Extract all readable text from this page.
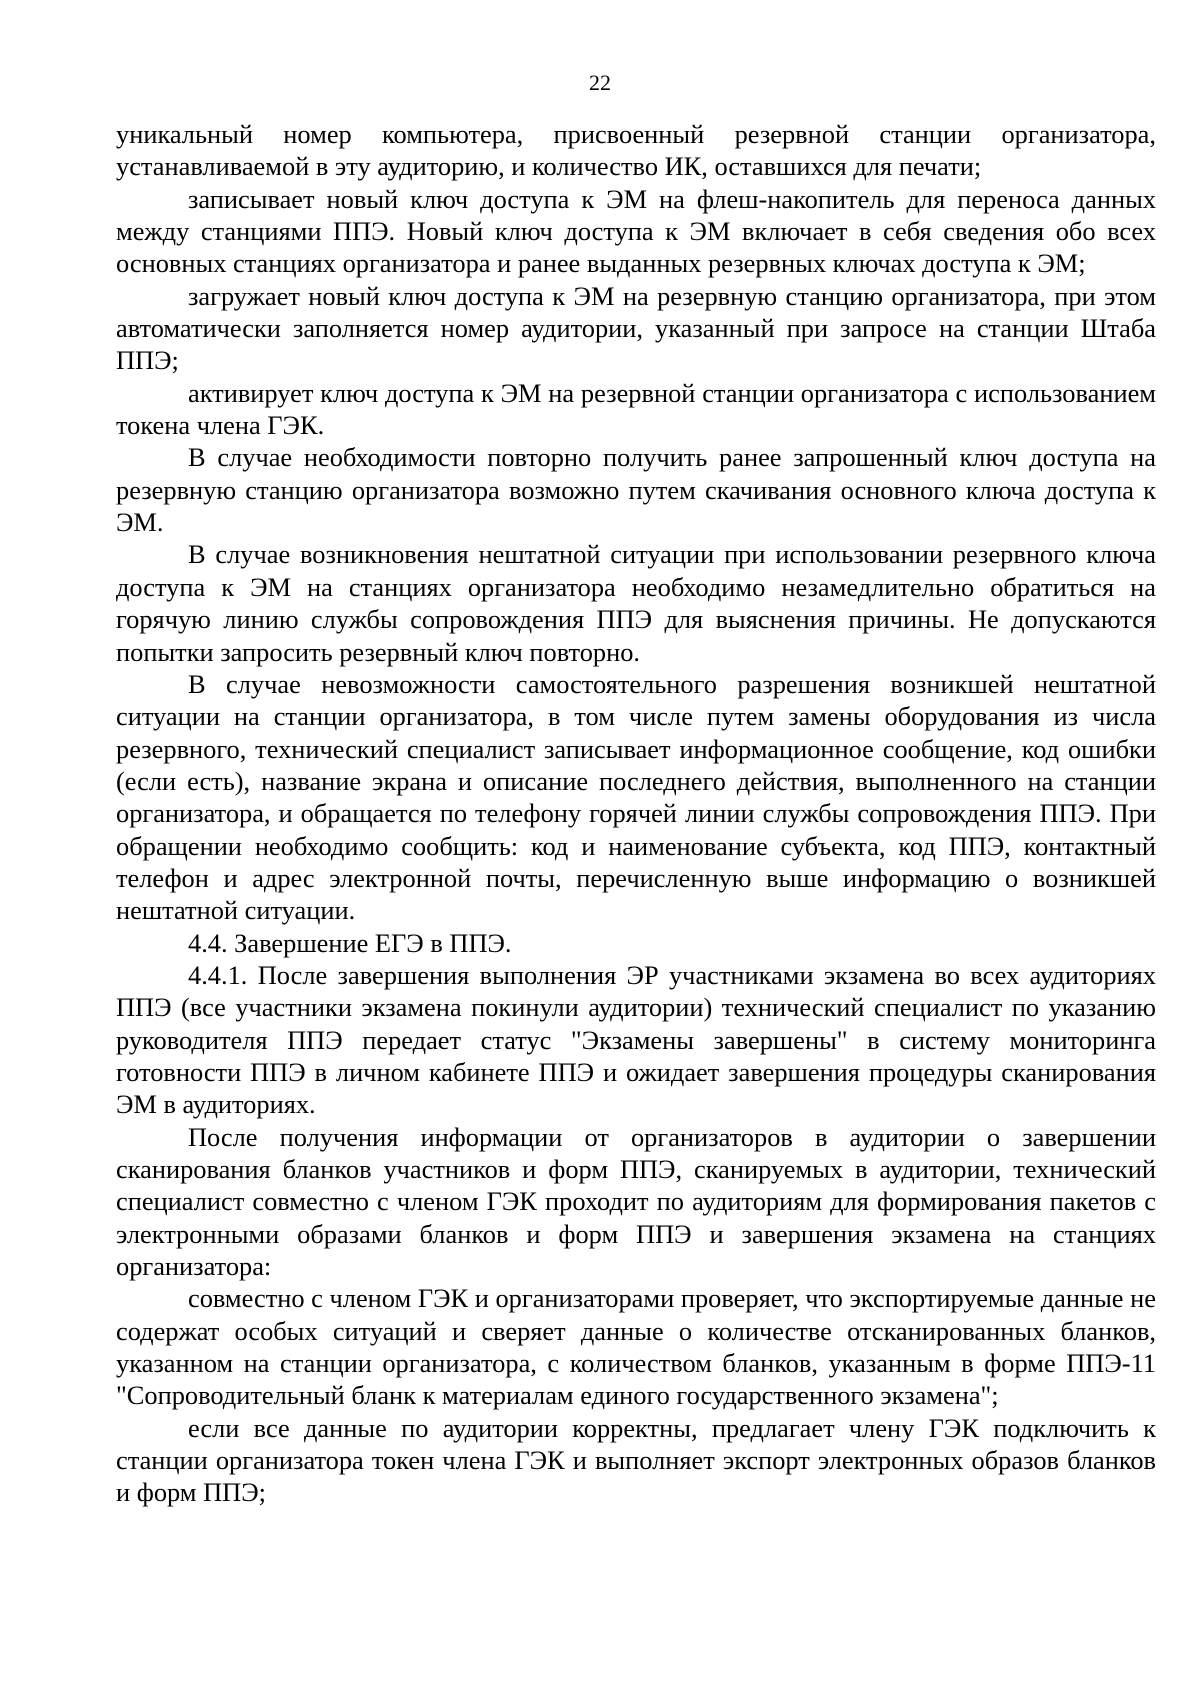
22

уникальный номер компьютера, присвоенный резервной станции организатора, устанавливаемой в эту аудиторию, и количество ИК, оставшихся для печати;

записывает новый ключ доступа к ЭМ на флеш-накопитель для переноса данных между станциями ППЭ. Новый ключ доступа к ЭМ включает в себя сведения обо всех основных станциях организатора и ранее выданных резервных ключах доступа к ЭМ;

загружает новый ключ доступа к ЭМ на резервную станцию организатора, при этом автоматически заполняется номер аудитории, указанный при запросе на станции Штаба ППЭ;

активирует ключ доступа к ЭМ на резервной станции организатора с использованием токена члена ГЭК.

В случае необходимости повторно получить ранее запрошенный ключ доступа на резервную станцию организатора возможно путем скачивания основного ключа доступа к ЭМ.

В случае возникновения нештатной ситуации при использовании резервного ключа доступа к ЭМ на станциях организатора необходимо незамедлительно обратиться на горячую линию службы сопровождения ППЭ для выяснения причины. Не допускаются попытки запросить резервный ключ повторно.

В случае невозможности самостоятельного разрешения возникшей нештатной ситуации на станции организатора, в том числе путем замены оборудования из числа резервного, технический специалист записывает информационное сообщение, код ошибки (если есть), название экрана и описание последнего действия, выполненного на станции организатора, и обращается по телефону горячей линии службы сопровождения ППЭ. При обращении необходимо сообщить: код и наименование субъекта, код ППЭ, контактный телефон и адрес электронной почты, перечисленную выше информацию о возникшей нештатной ситуации.

4.4. Завершение ЕГЭ в ППЭ.

4.4.1. После завершения выполнения ЭР участниками экзамена во всех аудиториях ППЭ (все участники экзамена покинули аудитории) технический специалист по указанию руководителя ППЭ передает статус "Экзамены завершены" в систему мониторинга готовности ППЭ в личном кабинете ППЭ и ожидает завершения процедуры сканирования ЭМ в аудиториях.

После получения информации от организаторов в аудитории о завершении сканирования бланков участников и форм ППЭ, сканируемых в аудитории, технический специалист совместно с членом ГЭК проходит по аудиториям для формирования пакетов с электронными образами бланков и форм ППЭ и завершения экзамена на станциях организатора:

совместно с членом ГЭК и организаторами проверяет, что экспортируемые данные не содержат особых ситуаций и сверяет данные о количестве отсканированных бланков, указанном на станции организатора, с количеством бланков, указанным в форме ППЭ-11 "Сопроводительный бланк к материалам единого государственного экзамена";

если все данные по аудитории корректны, предлагает члену ГЭК подключить к станции организатора токен члена ГЭК и выполняет экспорт электронных образов бланков и форм ППЭ;
